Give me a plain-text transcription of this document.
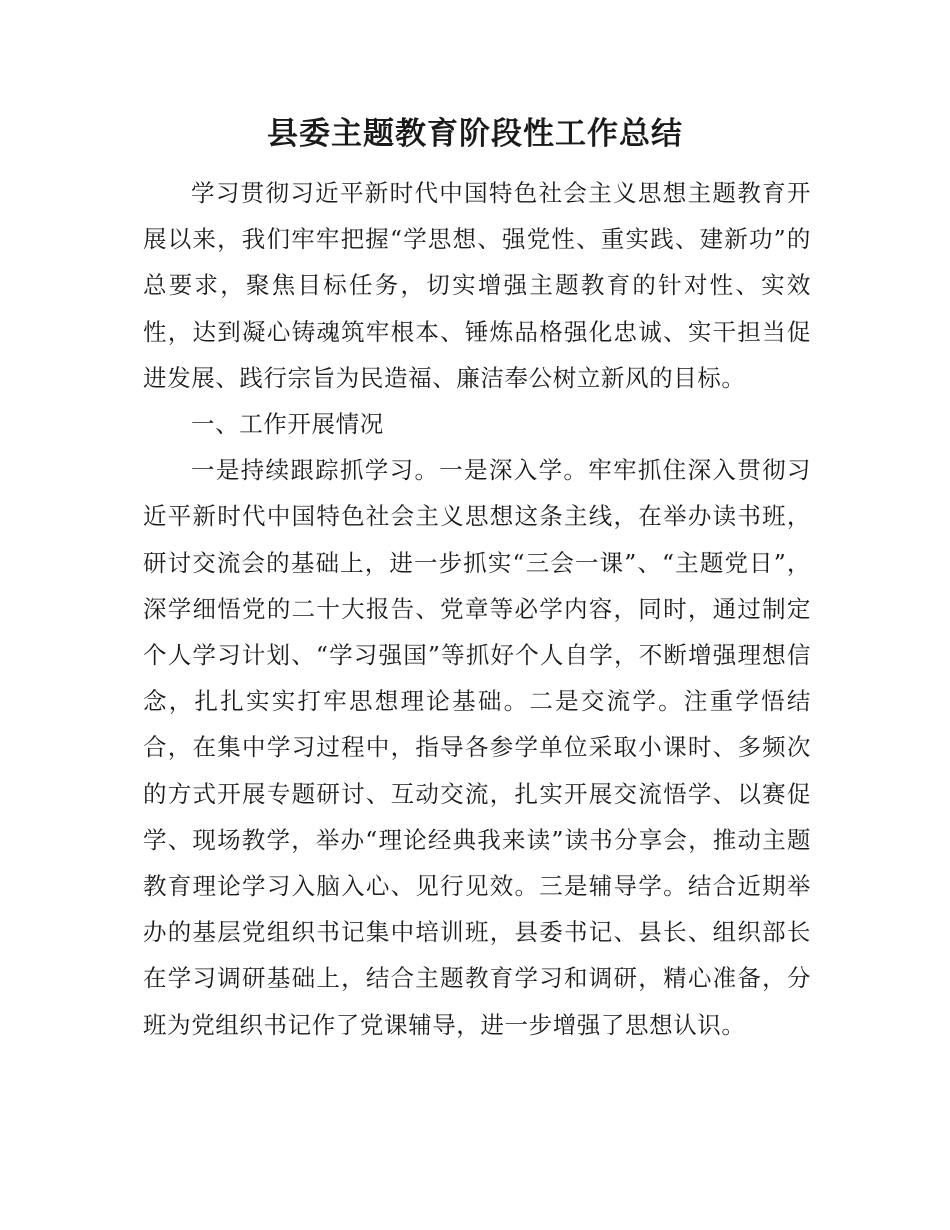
县委主题教育阶段性工作总结

学习贯彻习近平新时代中国特色社会主义思想主题教育开展以来，我们牢牢把握“学思想、强党性、重实践、建新功”的总要求，聚焦目标任务，切实增强主题教育的针对性、实效性，达到凝心铸魂筑牢根本、锤炼品格强化忠诚、实干担当促进发展、践行宗旨为民造福、廉洁奉公树立新风的目标。

一、工作开展情况

一是持续跟踪抓学习。一是深入学。牢牢抓住深入贯彻习近平新时代中国特色社会主义思想这条主线，在举办读书班，研讨交流会的基础上，进一步抓实“三会一课”、“主题党日”，深学细悟党的二十大报告、党章等必学内容，同时，通过制定个人学习计划、“学习强国”等抓好个人自学，不断增强理想信念，扎扎实实打牢思想理论基础。二是交流学。注重学悟结合，在集中学习过程中，指导各参学单位采取小课时、多频次的方式开展专题研讨、互动交流，扎实开展交流悟学、以赛促学、现场教学，举办“理论经典我来读”读书分享会，推动主题教育理论学习入脑入心、见行见效。三是辅导学。结合近期举办的基层党组织书记集中培训班，县委书记、县长、组织部长在学习调研基础上，结合主题教育学习和调研，精心准备，分班为党组织书记作了党课辅导，进一步增强了思想认识。
